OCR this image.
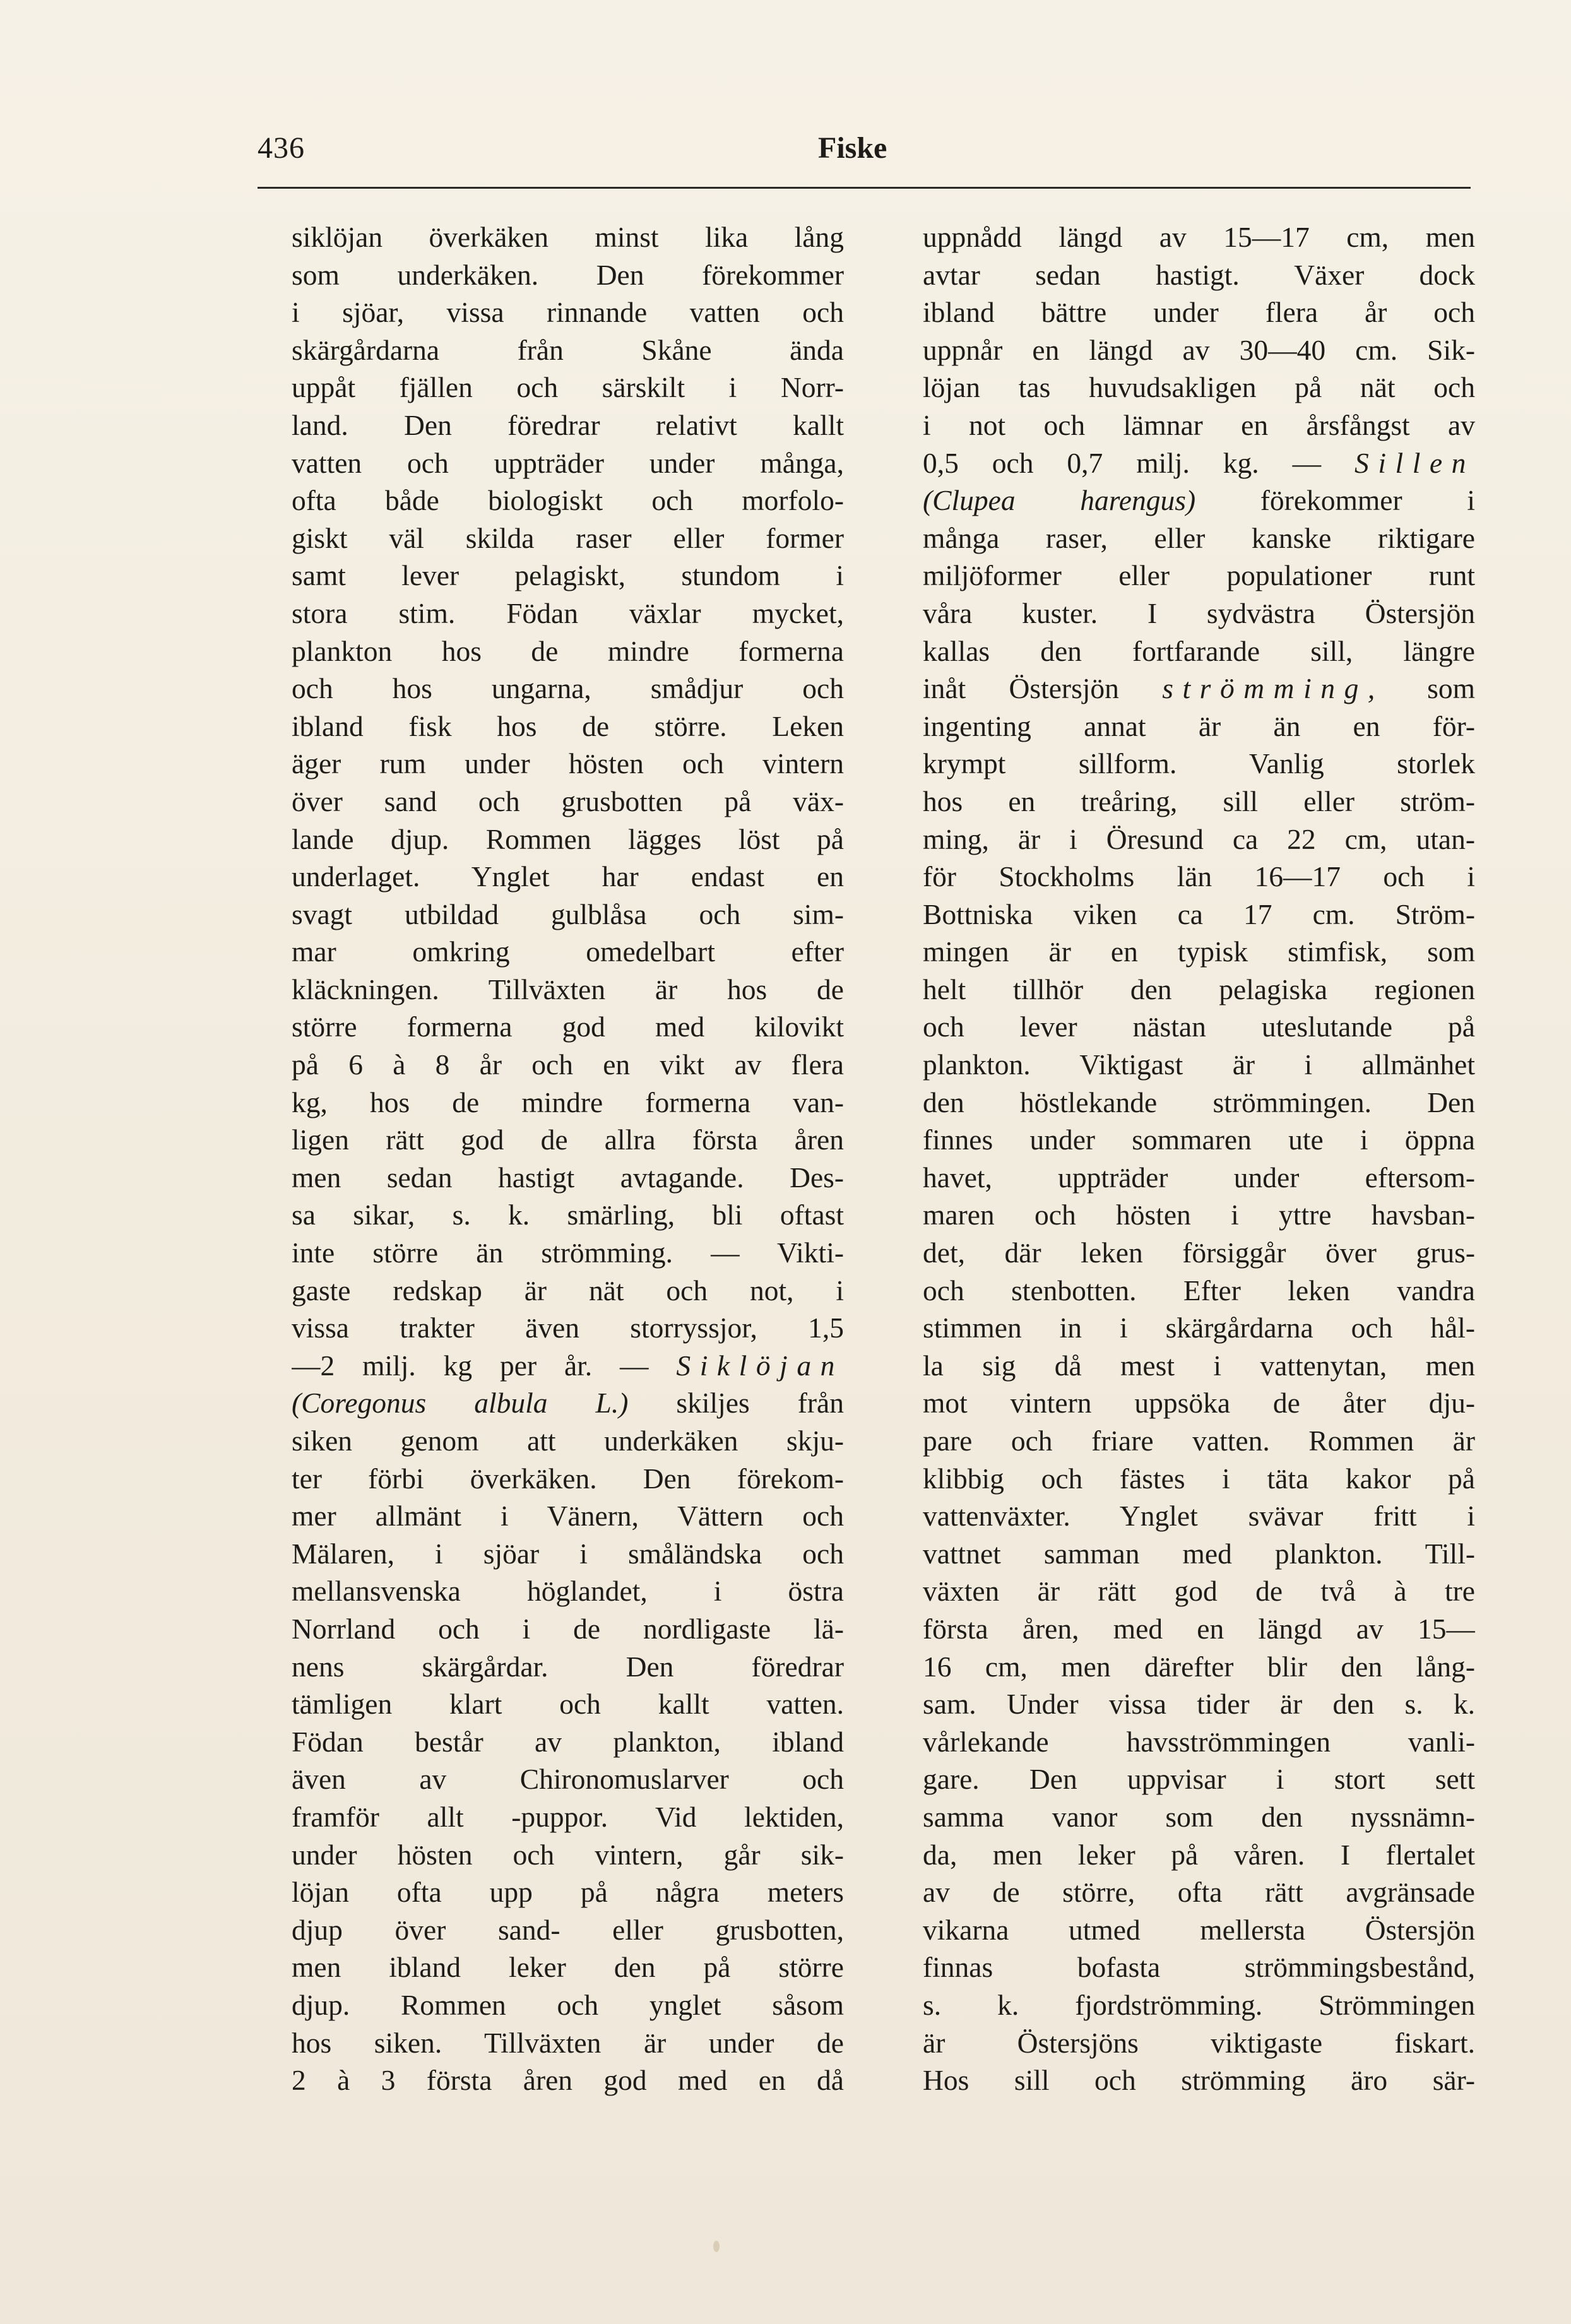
436	Fiske
siklöjan överkäken minst lika lång
som underkäken. Den förekommer
i sjöar, vissa rinnande vatten och
skärgårdarna från Skåne ända
uppåt fjällen och särskilt i Norr-
land. Den föredrar relativt kallt
vatten och uppträder under många,
ofta både biologiskt och morfolo-
giskt väl skilda raser eller former
samt lever pelagiskt, stundom i
stora stim. Födan växlar mycket,
plankton hos de mindre formerna
och hos ungarna, smådjur och
ibland fisk hos de större. Leken
äger rum under hösten och vintern
över sand och grusbotten på väx-
lande djup. Rommen lägges löst på
underlaget. Ynglet har endast en
svagt utbildad gulblåsa och sim-
mar omkring omedelbart efter
kläckningen. Tillväxten är hos de
större formerna god med kilovikt
på 6 à 8 år och en vikt av flera
kg, hos de mindre formerna van-
ligen rätt god de allra första åren
men sedan hastigt avtagande. Des-
sa sikar, s. k. smärling, bli oftast
inte större än strömming. — Vikti-
gaste redskap är nät och not, i
vissa trakter även storryssjor, 1,5
—2 milj. kg per år. — Siklöjan
(Coregonus albula L.) skiljes från
siken genom att underkäken skju-
ter förbi överkäken. Den förekom-
mer allmänt i Vänern, Vättern och
Mälaren, i sjöar i småländska och
mellansvenska höglandet, i östra
Norrland och i de nordligaste lä-
nens skärgårdar. Den föredrar
tämligen klart och kallt vatten.
Födan består av plankton, ibland
även av Chironomuslarver och
framför allt -puppor. Vid lektiden,
under hösten och vintern, går sik-
löjan ofta upp på några meters
djup över sand- eller grusbotten,
men ibland leker den på större
djup. Rommen och ynglet såsom
hos siken. Tillväxten är under de
2 à 3 första åren god med en då
uppnådd längd av 15—17 cm, men
avtar sedan hastigt. Växer dock
ibland bättre under flera år och
uppnår en längd av 30—40 cm. Sik-
löjan tas huvudsakligen på nät och
i not och lämnar en årsfångst av
0,5 och 0,7 milj. kg. — Sillen
(Clupea harengus) förekommer i
många raser, eller kanske riktigare
miljöformer eller populationer runt
våra kuster. I sydvästra Östersjön
kallas den fortfarande sill, längre
inåt Östersjön strömming, som
ingenting annat är än en för-
krympt sillform. Vanlig storlek
hos en treåring, sill eller ström-
ming, är i Öresund ca 22 cm, utan-
för Stockholms län 16—17 och i
Bottniska viken ca 17 cm. Ström-
mingen är en typisk stimfisk, som
helt tillhör den pelagiska regionen
och lever nästan uteslutande på
plankton. Viktigast är i allmänhet
den höstlekande strömmingen. Den
finnes under sommaren ute i öppna
havet, uppträder under eftersom-
maren och hösten i yttre havsban-
det, där leken försiggår över grus-
och stenbotten. Efter leken vandra
stimmen in i skärgårdarna och hål-
la sig då mest i vattenytan, men
mot vintern uppsöka de åter dju-
pare och friare vatten. Rommen är
klibbig och fästes i täta kakor på
vattenväxter. Ynglet svävar fritt i
vattnet samman med plankton. Till-
växten är rätt god de två à tre
första åren, med en längd av 15—
16 cm, men därefter blir den lång-
sam. Under vissa tider är den s. k.
vårlekande havsströmmingen vanli-
gare. Den uppvisar i stort sett
samma vanor som den nyssnämn-
da, men leker på våren. I flertalet
av de större, ofta rätt avgränsade
vikarna utmed mellersta Östersjön
finnas bofasta strömmingsbestånd,
s. k. fjordströmming. Strömmingen
är Östersjöns viktigaste fiskart.
Hos sill och strömming äro sär-
